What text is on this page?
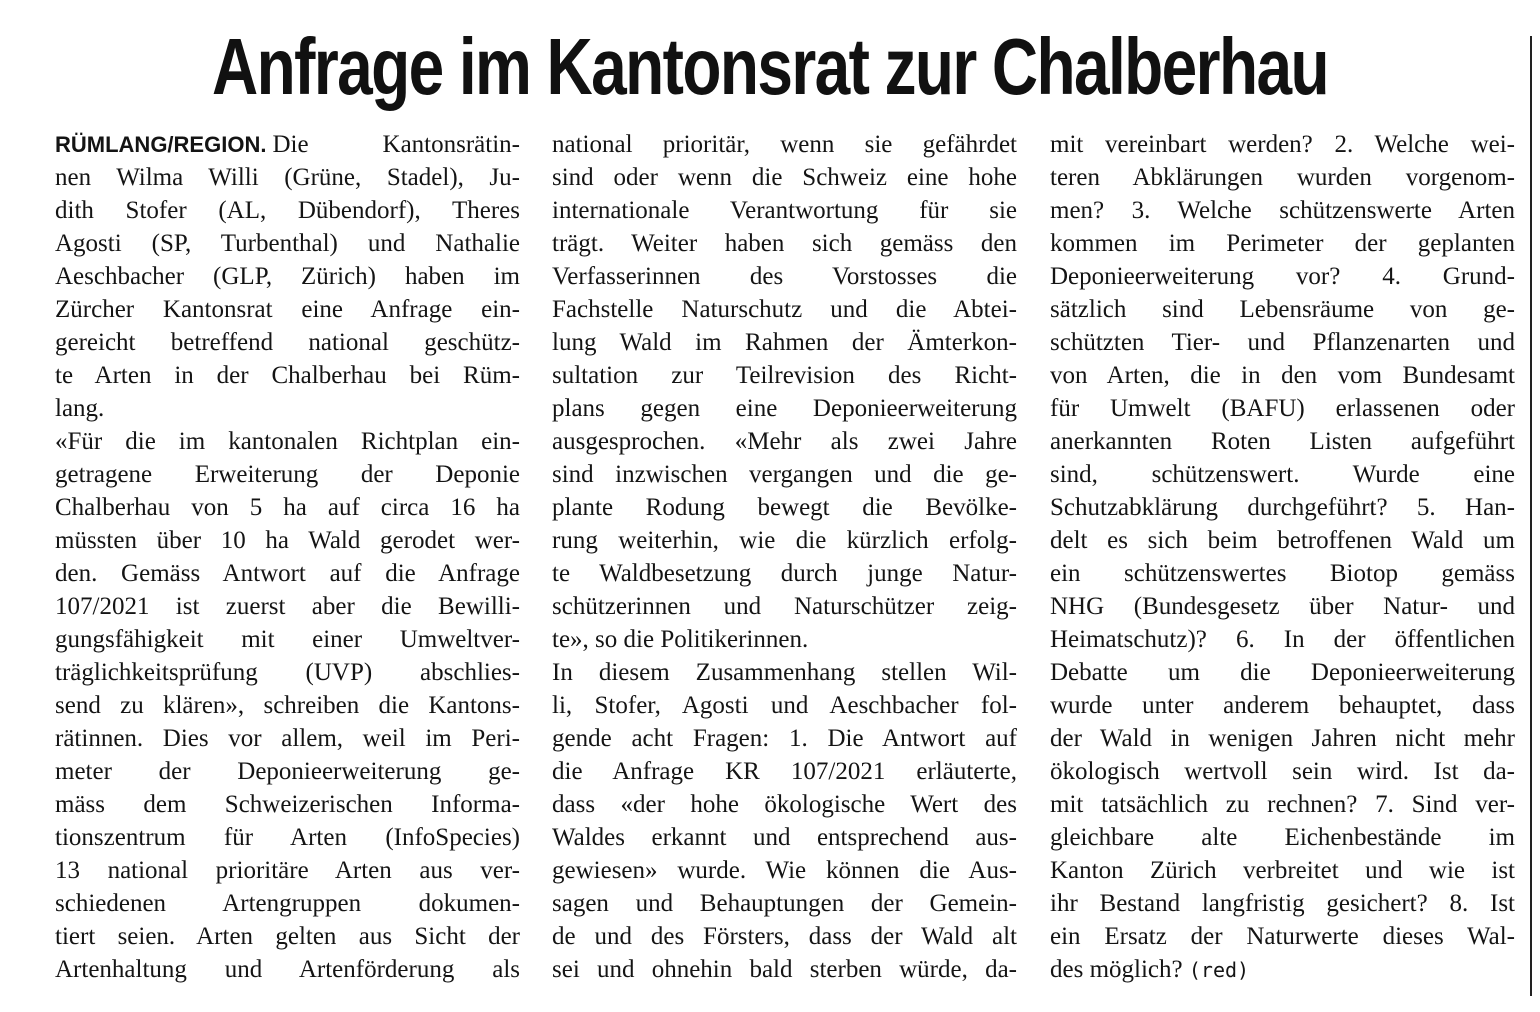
Anfrage im Kantonsrat zur Chalberhau
RÜMLANG/REGION. Die Kantonsrätin-
nen Wilma Willi (Grüne, Stadel), Ju-
dith Stofer (AL, Dübendorf), Theres
Agosti (SP, Turbenthal) und Nathalie
Aeschbacher (GLP, Zürich) haben im
Zürcher Kantonsrat eine Anfrage ein-
gereicht betreffend national geschütz-
te Arten in der Chalberhau bei Rüm-
lang.
«Für die im kantonalen Richtplan ein-
getragene Erweiterung der Deponie
Chalberhau von 5 ha auf circa 16 ha
müssten über 10 ha Wald gerodet wer-
den. Gemäss Antwort auf die Anfrage
107/2021 ist zuerst aber die Bewilli-
gungsfähigkeit mit einer Umweltver-
träglichkeitsprüfung (UVP) abschlies-
send zu klären», schreiben die Kantons-
rätinnen. Dies vor allem, weil im Peri-
meter der Deponieerweiterung ge-
mäss dem Schweizerischen Informa-
tionszentrum für Arten (InfoSpecies)
13 national prioritäre Arten aus ver-
schiedenen Artengruppen dokumen-
tiert seien. Arten gelten aus Sicht der
Artenhaltung und Artenförderung als
national prioritär, wenn sie gefährdet
sind oder wenn die Schweiz eine hohe
internationale Verantwortung für sie
trägt. Weiter haben sich gemäss den
Verfasserinnen des Vorstosses die
Fachstelle Naturschutz und die Abtei-
lung Wald im Rahmen der Ämterkon-
sultation zur Teilrevision des Richt-
plans gegen eine Deponieerweiterung
ausgesprochen. «Mehr als zwei Jahre
sind inzwischen vergangen und die ge-
plante Rodung bewegt die Bevölke-
rung weiterhin, wie die kürzlich erfolg-
te Waldbesetzung durch junge Natur-
schützerinnen und Naturschützer zeig-
te», so die Politikerinnen.
In diesem Zusammenhang stellen Wil-
li, Stofer, Agosti und Aeschbacher fol-
gende acht Fragen: 1. Die Antwort auf
die Anfrage KR 107/2021 erläuterte,
dass «der hohe ökologische Wert des
Waldes erkannt und entsprechend aus-
gewiesen» wurde. Wie können die Aus-
sagen und Behauptungen der Gemein-
de und des Försters, dass der Wald alt
sei und ohnehin bald sterben würde, da-
mit vereinbart werden? 2. Welche wei-
teren Abklärungen wurden vorgenom-
men? 3. Welche schützenswerte Arten
kommen im Perimeter der geplanten
Deponieerweiterung vor? 4. Grund-
sätzlich sind Lebensräume von ge-
schützten Tier- und Pflanzenarten und
von Arten, die in den vom Bundesamt
für Umwelt (BAFU) erlassenen oder
anerkannten Roten Listen aufgeführt
sind, schützenswert. Wurde eine
Schutzabklärung durchgeführt? 5. Han-
delt es sich beim betroffenen Wald um
ein schützenswertes Biotop gemäss
NHG (Bundesgesetz über Natur- und
Heimatschutz)? 6. In der öffentlichen
Debatte um die Deponieerweiterung
wurde unter anderem behauptet, dass
der Wald in wenigen Jahren nicht mehr
ökologisch wertvoll sein wird. Ist da-
mit tatsächlich zu rechnen? 7. Sind ver-
gleichbare alte Eichenbestände im
Kanton Zürich verbreitet und wie ist
ihr Bestand langfristig gesichert? 8. Ist
ein Ersatz der Naturwerte dieses Wal-
des möglich? (red)
